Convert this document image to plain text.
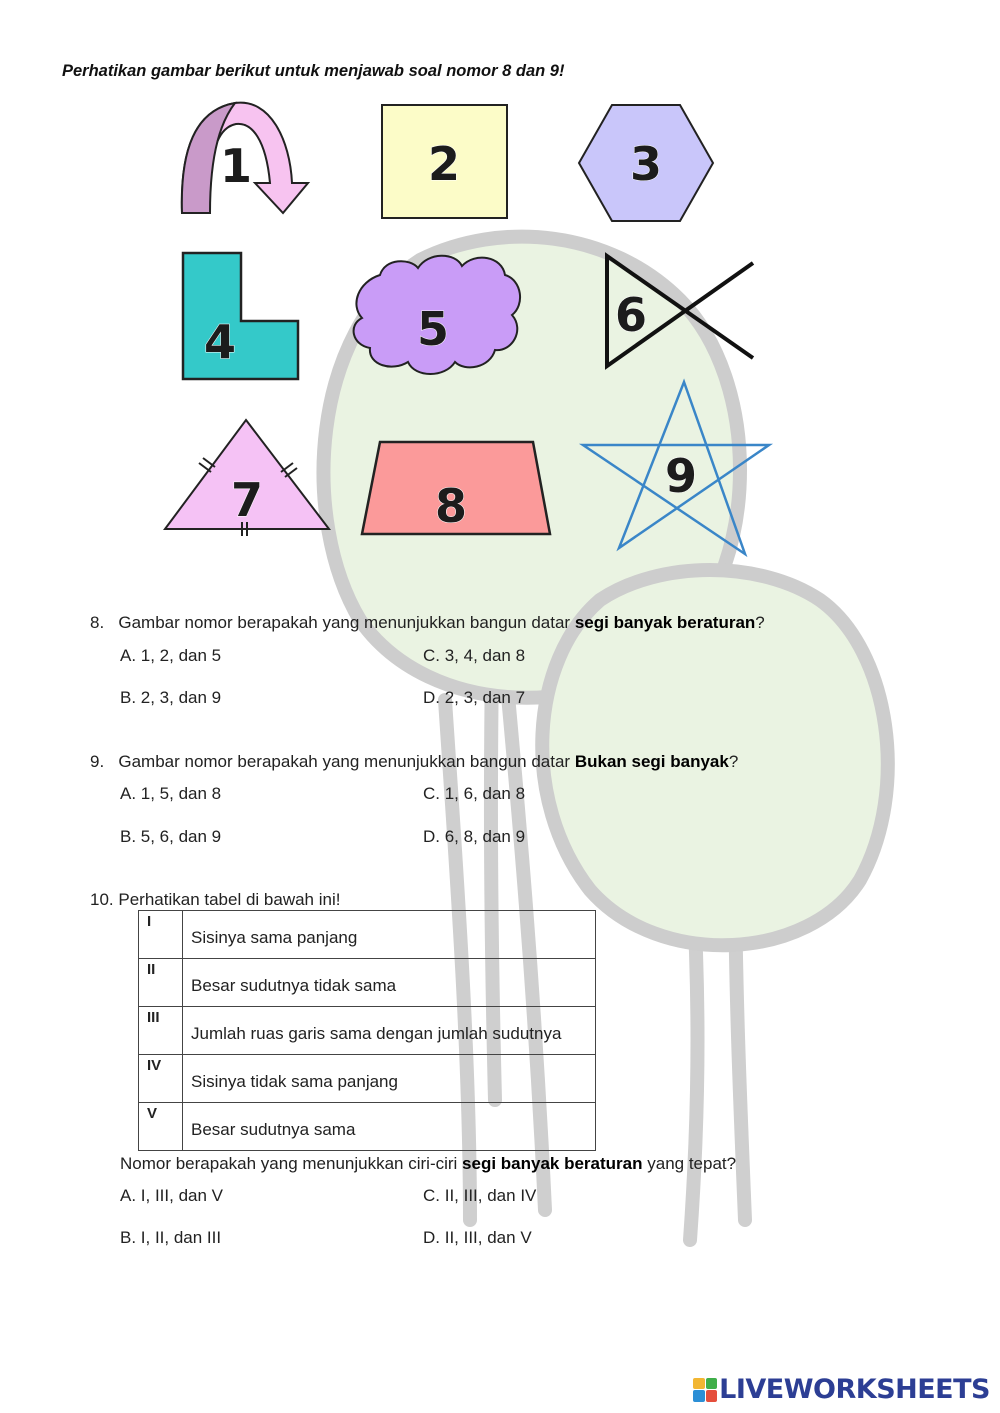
Perhatikan gambar berikut untuk menjawab soal nomor 8 dan 9!
1	2	3
4	5	6
7	8
9
8. Gambar nomor berapakah yang menunjukkan bangun datar segi banyak beraturan?
A. 1, 2, dan 5	C. 3, 4, dan 8
B. 2, 3, dan 9	D. 2, 3, dan 7
9. Gambar nomor berapakah yang menunjukkan bangun datar Bukan segi banyak?
A. 1, 5, dan 8	C. 1, 6, dan 8
B. 5, 6, dan 9	D. 6, 8, dan 9
10. Perhatikan tabel di bawah ini!
I	Sisinya sama panjang
II	Besar sudutnya tidak sama
III	Jumlah ruas garis sama dengan jumlah sudutnya
IV	Sisinya tidak sama panjang
V	Besar sudutnya sama
Nomor berapakah yang menunjukkan ciri-ciri segi banyak beraturan yang tepat?
A. I, III, dan V	C. II, III, dan IV
B. I, II, dan III	D. II, III, dan V
LIVEWORKSHEETS
